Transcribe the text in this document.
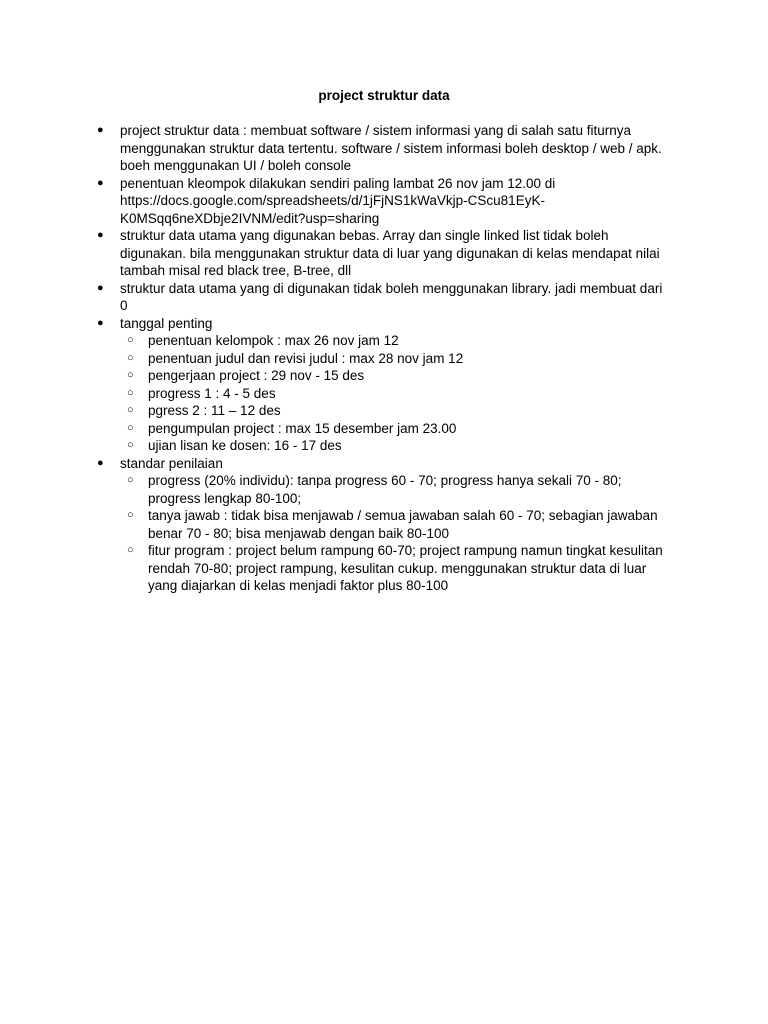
project struktur data
●	project struktur data : membuat software / sistem informasi yang di salah satu fiturnya menggunakan struktur data tertentu. software / sistem informasi boleh desktop / web / apk. boeh menggunakan UI / boleh console
●	penentuan kleompok dilakukan sendiri paling lambat 26 nov jam 12.00 di https://docs.google.com/spreadsheets/d/1jFjNS1kWaVkjp-CScu81EyK-K0MSqq6neXDbje2IVNM/edit?usp=sharing
●	struktur data utama yang digunakan bebas. Array dan single linked list tidak boleh digunakan. bila menggunakan struktur data di luar yang digunakan di kelas mendapat nilai tambah misal red black tree, B-tree, dll
●	struktur data utama yang di digunakan tidak boleh menggunakan library. jadi membuat dari 0
●	tanggal penting
○ penentuan kelompok : max 26 nov jam 12
○ penentuan judul dan revisi judul : max 28 nov jam 12
○ pengerjaan project : 29 nov - 15 des
○ progress 1 : 4 - 5 des
○ pgress 2 : 11 – 12 des
○ pengumpulan project : max 15 desember jam 23.00
○ ujian lisan ke dosen: 16 - 17 des
●	standar penilaian
○ progress (20% individu): tanpa progress 60 - 70; progress hanya sekali 70 - 80; progress lengkap 80-100;
○ tanya jawab : tidak bisa menjawab / semua jawaban salah 60 - 70; sebagian jawaban benar 70 - 80; bisa menjawab dengan baik 80-100
○ fitur program : project belum rampung 60-70; project rampung namun tingkat kesulitan rendah 70-80; project rampung, kesulitan cukup. menggunakan struktur data di luar yang diajarkan di kelas menjadi faktor plus 80-100
